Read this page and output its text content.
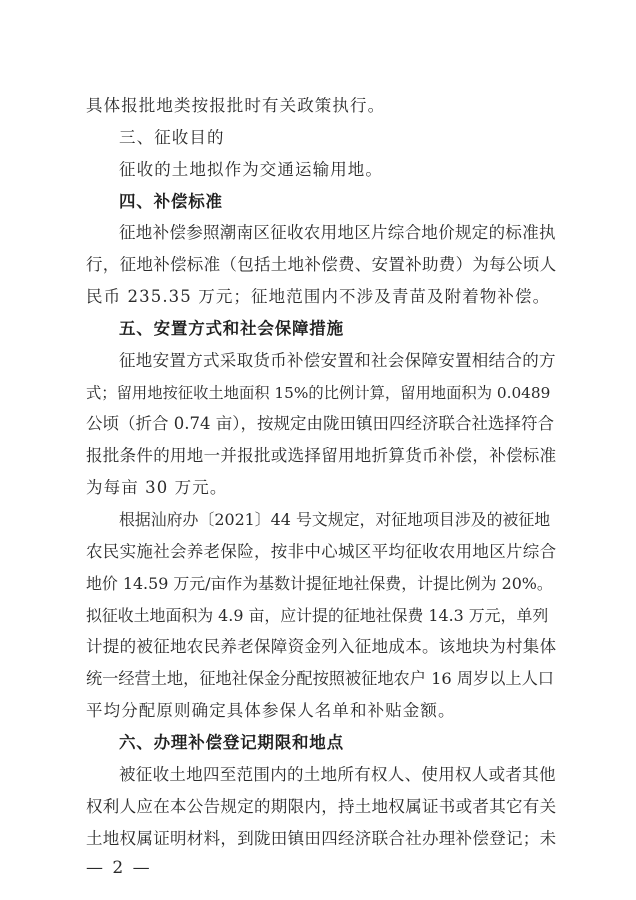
具体报批地类按报批时有关政策执行。
三、征收目的
征收的土地拟作为交通运输用地。
四、补偿标准
征地补偿参照潮南区征收农用地区片综合地价规定的标准执
行，征地补偿标准（包括土地补偿费、安置补助费）为每公顷人
民币 235.35 万元；征地范围内不涉及青苗及附着物补偿。
五、安置方式和社会保障措施
征地安置方式采取货币补偿安置和社会保障安置相结合的方
式；留用地按征收土地面积 15%的比例计算，留用地面积为 0.0489
公顷（折合 0.74 亩），按规定由陇田镇田四经济联合社选择符合
报批条件的用地一并报批或选择留用地折算货币补偿，补偿标准
为每亩 30 万元。
根据汕府办〔2021〕44 号文规定，对征地项目涉及的被征地
农民实施社会养老保险，按非中心城区平均征收农用地区片综合
地价 14.59 万元/亩作为基数计提征地社保费，计提比例为 20%。
拟征收土地面积为 4.9 亩，应计提的征地社保费 14.3 万元，单列
计提的被征地农民养老保障资金列入征地成本。该地块为村集体
统一经营土地，征地社保金分配按照被征地农户 16 周岁以上人口
平均分配原则确定具体参保人名单和补贴金额。
六、办理补偿登记期限和地点
被征收土地四至范围内的土地所有权人、使用权人或者其他
权利人应在本公告规定的期限内，持土地权属证书或者其它有关
土地权属证明材料，到陇田镇田四经济联合社办理补偿登记；未
— 2 —
